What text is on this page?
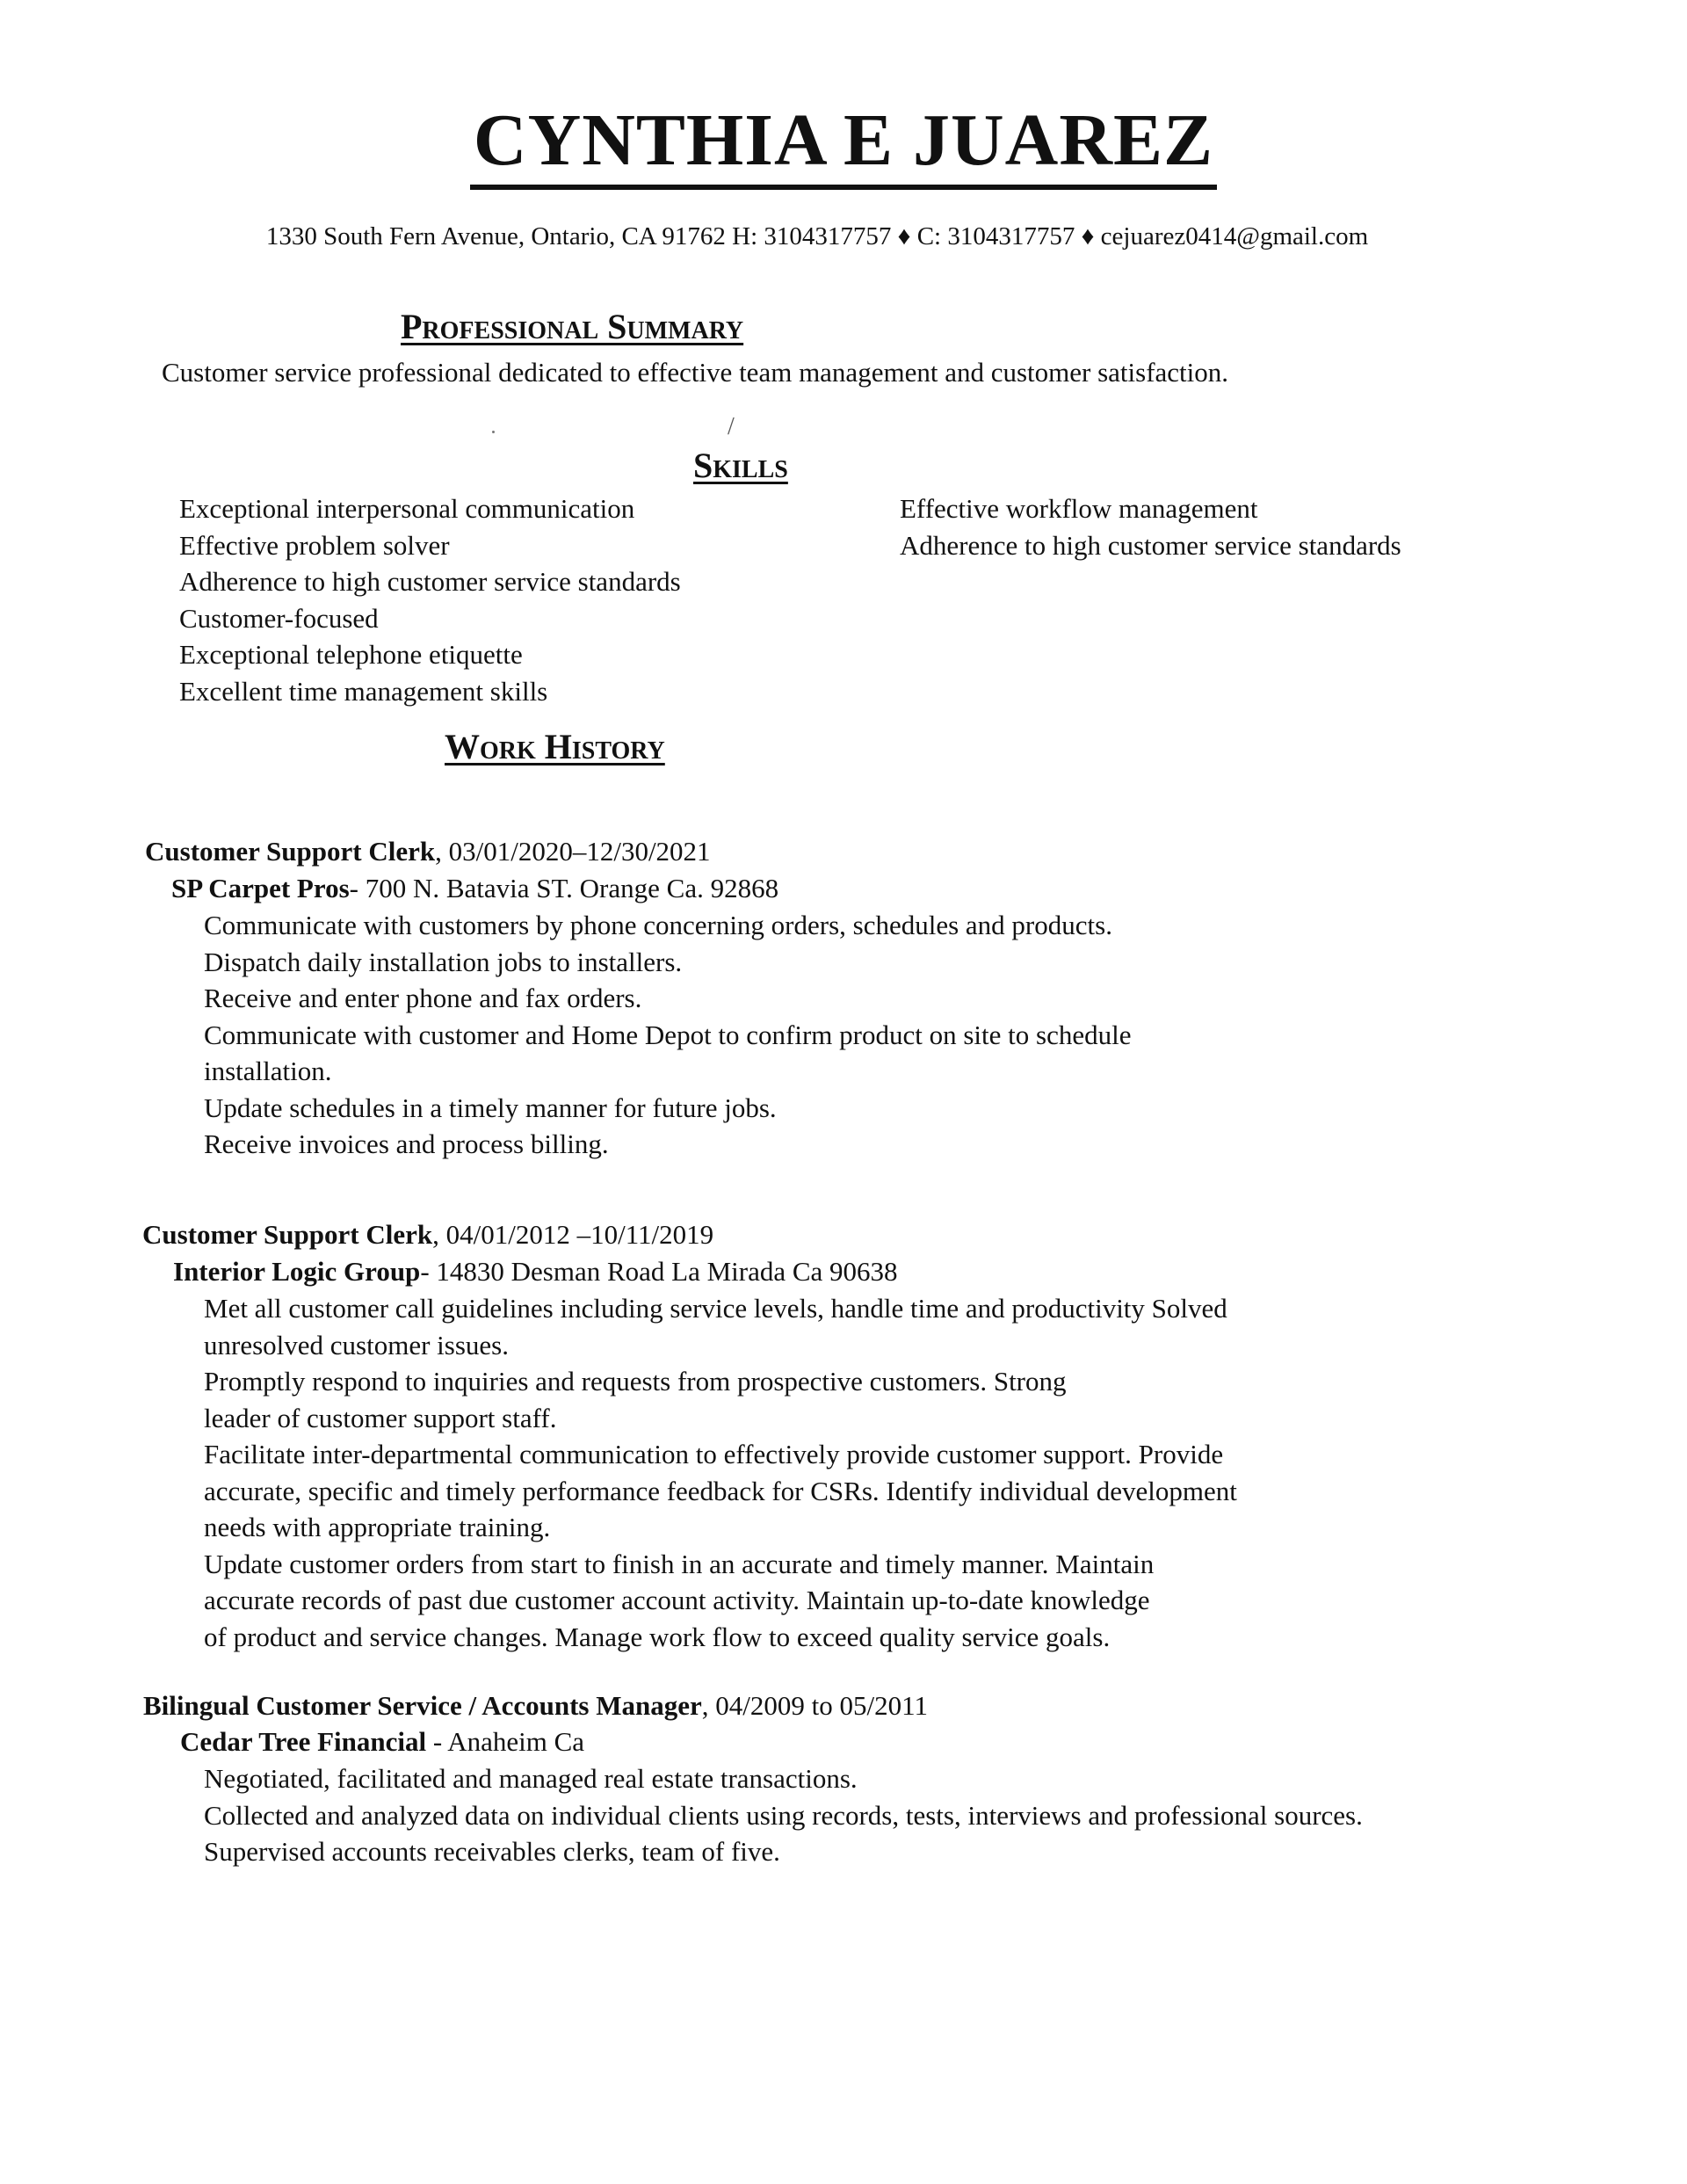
CYNTHIA E JUAREZ
1330 South Fern Avenue, Ontario, CA 91762 H: 3104317757 ♦ C: 3104317757 ♦ cejuarez0414@gmail.com
Professional Summary
Customer service professional dedicated to effective team management and customer satisfaction.
/
Skills
Exceptional interpersonal communication
Effective problem solver
Adherence to high customer service standards
Customer-focused
Exceptional telephone etiquette
Excellent time management skills
Effective workflow management
Adherence to high customer service standards
Work History
Customer Support Clerk, 03/01/2020–12/30/2021
SP Carpet Pros- 700 N. Batavia ST. Orange Ca. 92868
Communicate with customers by phone concerning orders, schedules and products.
Dispatch daily installation jobs to installers.
Receive and enter phone and fax orders.
Communicate with customer and Home Depot to confirm product on site to schedule
installation.
Update schedules in a timely manner for future jobs.
Receive invoices and process billing.
Customer Support Clerk, 04/01/2012 –10/11/2019
Interior Logic Group- 14830 Desman Road La Mirada Ca 90638
Met all customer call guidelines including service levels, handle time and productivity Solved
unresolved customer issues.
Promptly respond to inquiries and requests from prospective customers. Strong
leader of customer support staff.
Facilitate inter-departmental communication to effectively provide customer support. Provide
accurate, specific and timely performance feedback for CSRs. Identify individual development
needs with appropriate training.
Update customer orders from start to finish in an accurate and timely manner. Maintain
accurate records of past due customer account activity. Maintain up-to-date knowledge
of product and service changes. Manage work flow to exceed quality service goals.
Bilingual Customer Service / Accounts Manager, 04/2009 to 05/2011
Cedar Tree Financial - Anaheim Ca
Negotiated, facilitated and managed real estate transactions.
Collected and analyzed data on individual clients using records, tests, interviews and professional sources.
Supervised accounts receivables clerks, team of five.
